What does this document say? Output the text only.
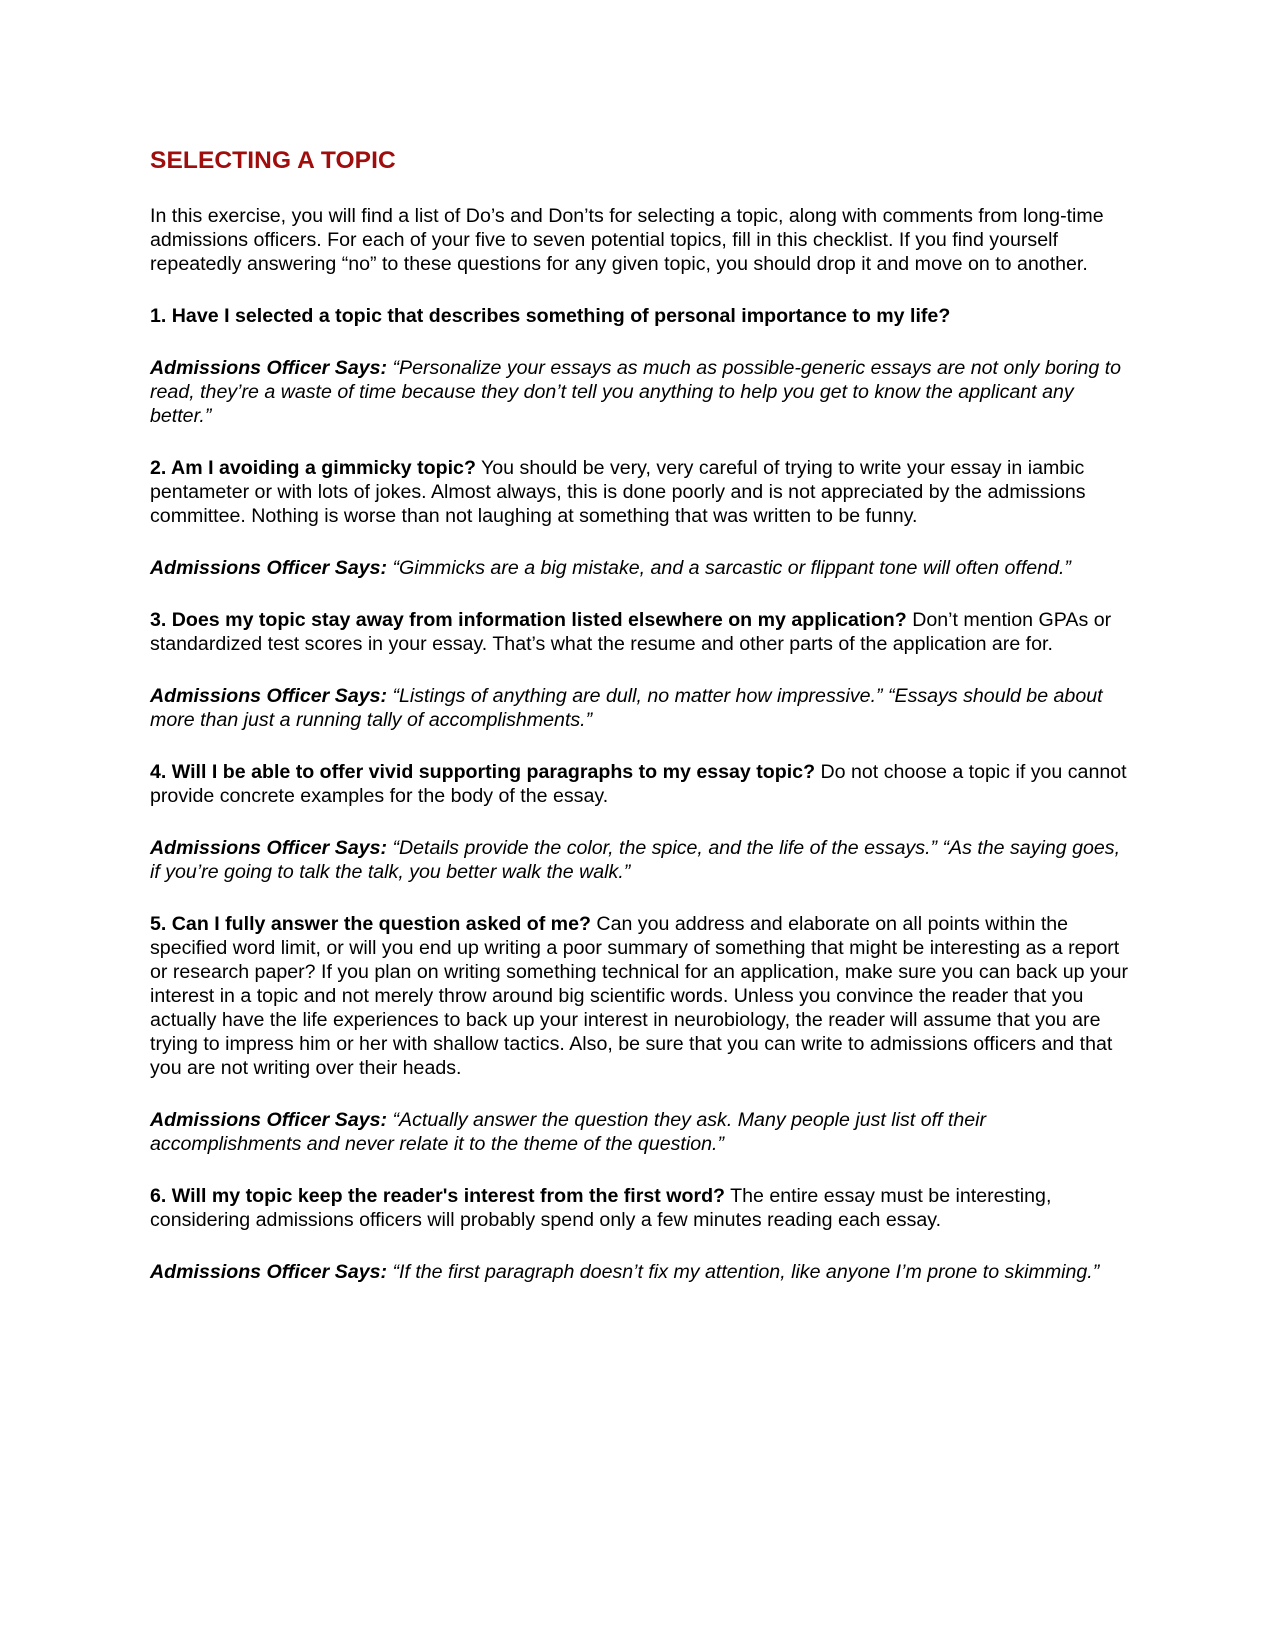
SELECTING A TOPIC

In this exercise, you will find a list of Do’s and Don’ts for selecting a topic, along with comments from long-time admissions officers. For each of your five to seven potential topics, fill in this checklist. If you find yourself repeatedly answering “no” to these questions for any given topic, you should drop it and move on to another.

1. Have I selected a topic that describes something of personal importance to my life?

Admissions Officer Says: “Personalize your essays as much as possible-generic essays are not only boring to read, they’re a waste of time because they don’t tell you anything to help you get to know the applicant any better.”

2. Am I avoiding a gimmicky topic? You should be very, very careful of trying to write your essay in iambic pentameter or with lots of jokes. Almost always, this is done poorly and is not appreciated by the admissions committee. Nothing is worse than not laughing at something that was written to be funny.

Admissions Officer Says: “Gimmicks are a big mistake, and a sarcastic or flippant tone will often offend.”

3. Does my topic stay away from information listed elsewhere on my application? Don’t mention GPAs or standardized test scores in your essay. That’s what the resume and other parts of the application are for.

Admissions Officer Says: “Listings of anything are dull, no matter how impressive.” “Essays should be about more than just a running tally of accomplishments.”

4. Will I be able to offer vivid supporting paragraphs to my essay topic? Do not choose a topic if you cannot provide concrete examples for the body of the essay.

Admissions Officer Says: “Details provide the color, the spice, and the life of the essays.” “As the saying goes, if you’re going to talk the talk, you better walk the walk.”

5. Can I fully answer the question asked of me? Can you address and elaborate on all points within the specified word limit, or will you end up writing a poor summary of something that might be interesting as a report or research paper? If you plan on writing something technical for an application, make sure you can back up your interest in a topic and not merely throw around big scientific words. Unless you convince the reader that you actually have the life experiences to back up your interest in neurobiology, the reader will assume that you are trying to impress him or her with shallow tactics. Also, be sure that you can write to admissions officers and that you are not writing over their heads.

Admissions Officer Says: “Actually answer the question they ask. Many people just list off their accomplishments and never relate it to the theme of the question.”

6. Will my topic keep the reader's interest from the first word? The entire essay must be interesting, considering admissions officers will probably spend only a few minutes reading each essay.

Admissions Officer Says: “If the first paragraph doesn’t fix my attention, like anyone I’m prone to skimming.”
